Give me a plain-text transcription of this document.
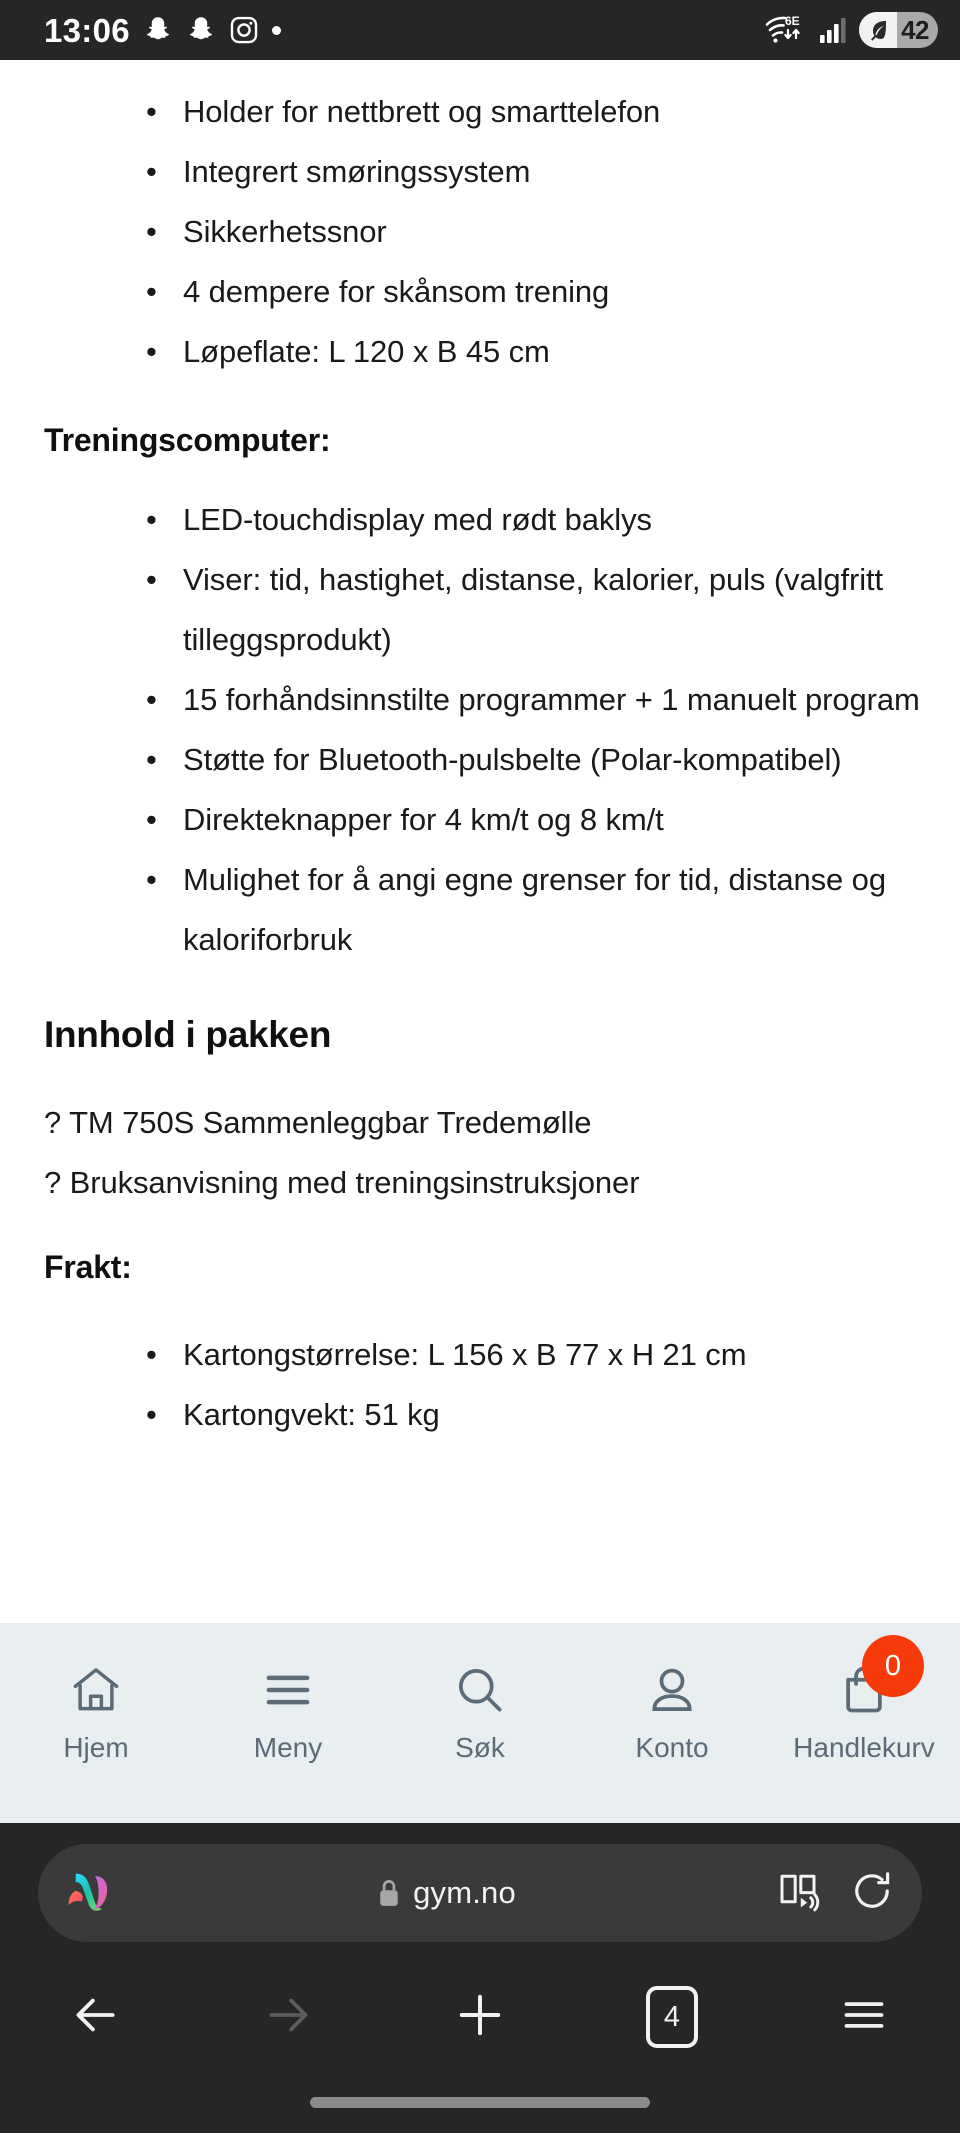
13:06	6E	42
• Holder for nettbrett og smarttelefon
• Integrert smøringssystem
• Sikkerhetssnor
• 4 dempere for skånsom trening
• Løpeflate: L 120 x B 45 cm
Treningscomputer:
• LED-touchdisplay med rødt baklys
• Viser: tid, hastighet, distanse, kalorier, puls (valgfritt tilleggsprodukt)
• 15 forhåndsinnstilte programmer + 1 manuelt program
• Støtte for Bluetooth-pulsbelte (Polar-kompatibel)
• Direkteknapper for 4 km/t og 8 km/t
• Mulighet for å angi egne grenser for tid, distanse og kaloriforbruk
Innhold i pakken

? TM 750S Sammenleggbar Tredemølle

? Bruksanvisning med treningsinstruksjoner

Frakt:
• Kartongstørrelse: L 156 x B 77 x H 21 cm
• Kartongvekt: 51 kg
Hjem	Meny	Søk	Konto
0
Handlekurv
gym.no
4
